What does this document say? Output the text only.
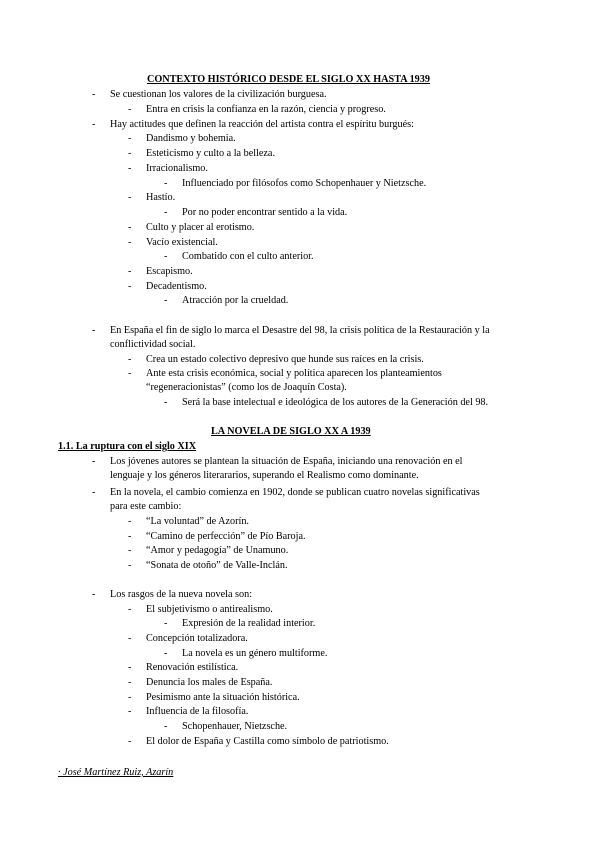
CONTEXTO HISTÓRICO DESDE EL SIGLO XX HASTA 1939
- Se cuestionan los valores de la civilización burguesa.
- Entra en crisis la confianza en la razón, ciencia y progreso.
- Hay actitudes que definen la reacción del artista contra el espíritu burgués:
- Dandismo y bohemia.
- Esteticismo y culto a la belleza.
- Irracionalismo.
- Influenciado por filósofos como Schopenhauer y Nietzsche.
- Hastío.
- Por no poder encontrar sentido a la vida.
- Culto y placer al erotismo.
- Vacío existencial.
- Combatido con el culto anterior.
- Escapismo.
- Decadentismo.
- Atracción por la crueldad.
- En España el fin de siglo lo marca el Desastre del 98, la crisis política de la Restauración y la
conflictividad social.
- Crea un estado colectivo depresivo que hunde sus raíces en la crisis.
- Ante esta crisis económica, social y política aparecen los planteamientos
“regeneracionistas” (como los de Joaquín Costa).
- Será la base intelectual e ideológica de los autores de la Generación del 98.
LA NOVELA DE SIGLO XX A 1939
1.1. La ruptura con el siglo XIX
- Los jóvenes autores se plantean la situación de España, iniciando una renovación en el
lenguaje y los géneros literararios, superando el Realismo como dominante.
- En la novela, el cambio comienza en 1902, donde se publican cuatro novelas significativas
para este cambio:
- “La voluntad” de Azorín.
- “Camino de perfección” de Pío Baroja.
- “Amor y pedagogía” de Unamuno.
- “Sonata de otoño” de Valle-Inclán.
- Los rasgos de la nueva novela son:
- El subjetivismo o antirealismo.
- Expresión de la realidad interior.
- Concepción totalizadora.
- La novela es un género multiforme.
- Renovación estilística.
- Denuncia los males de España.
- Pesimismo ante la situación histórica.
- Influencia de la filosofía.
- Schopenhauer, Nietzsche.
- El dolor de España y Castilla como símbolo de patriotismo.
· José Martínez Ruiz, Azarín
